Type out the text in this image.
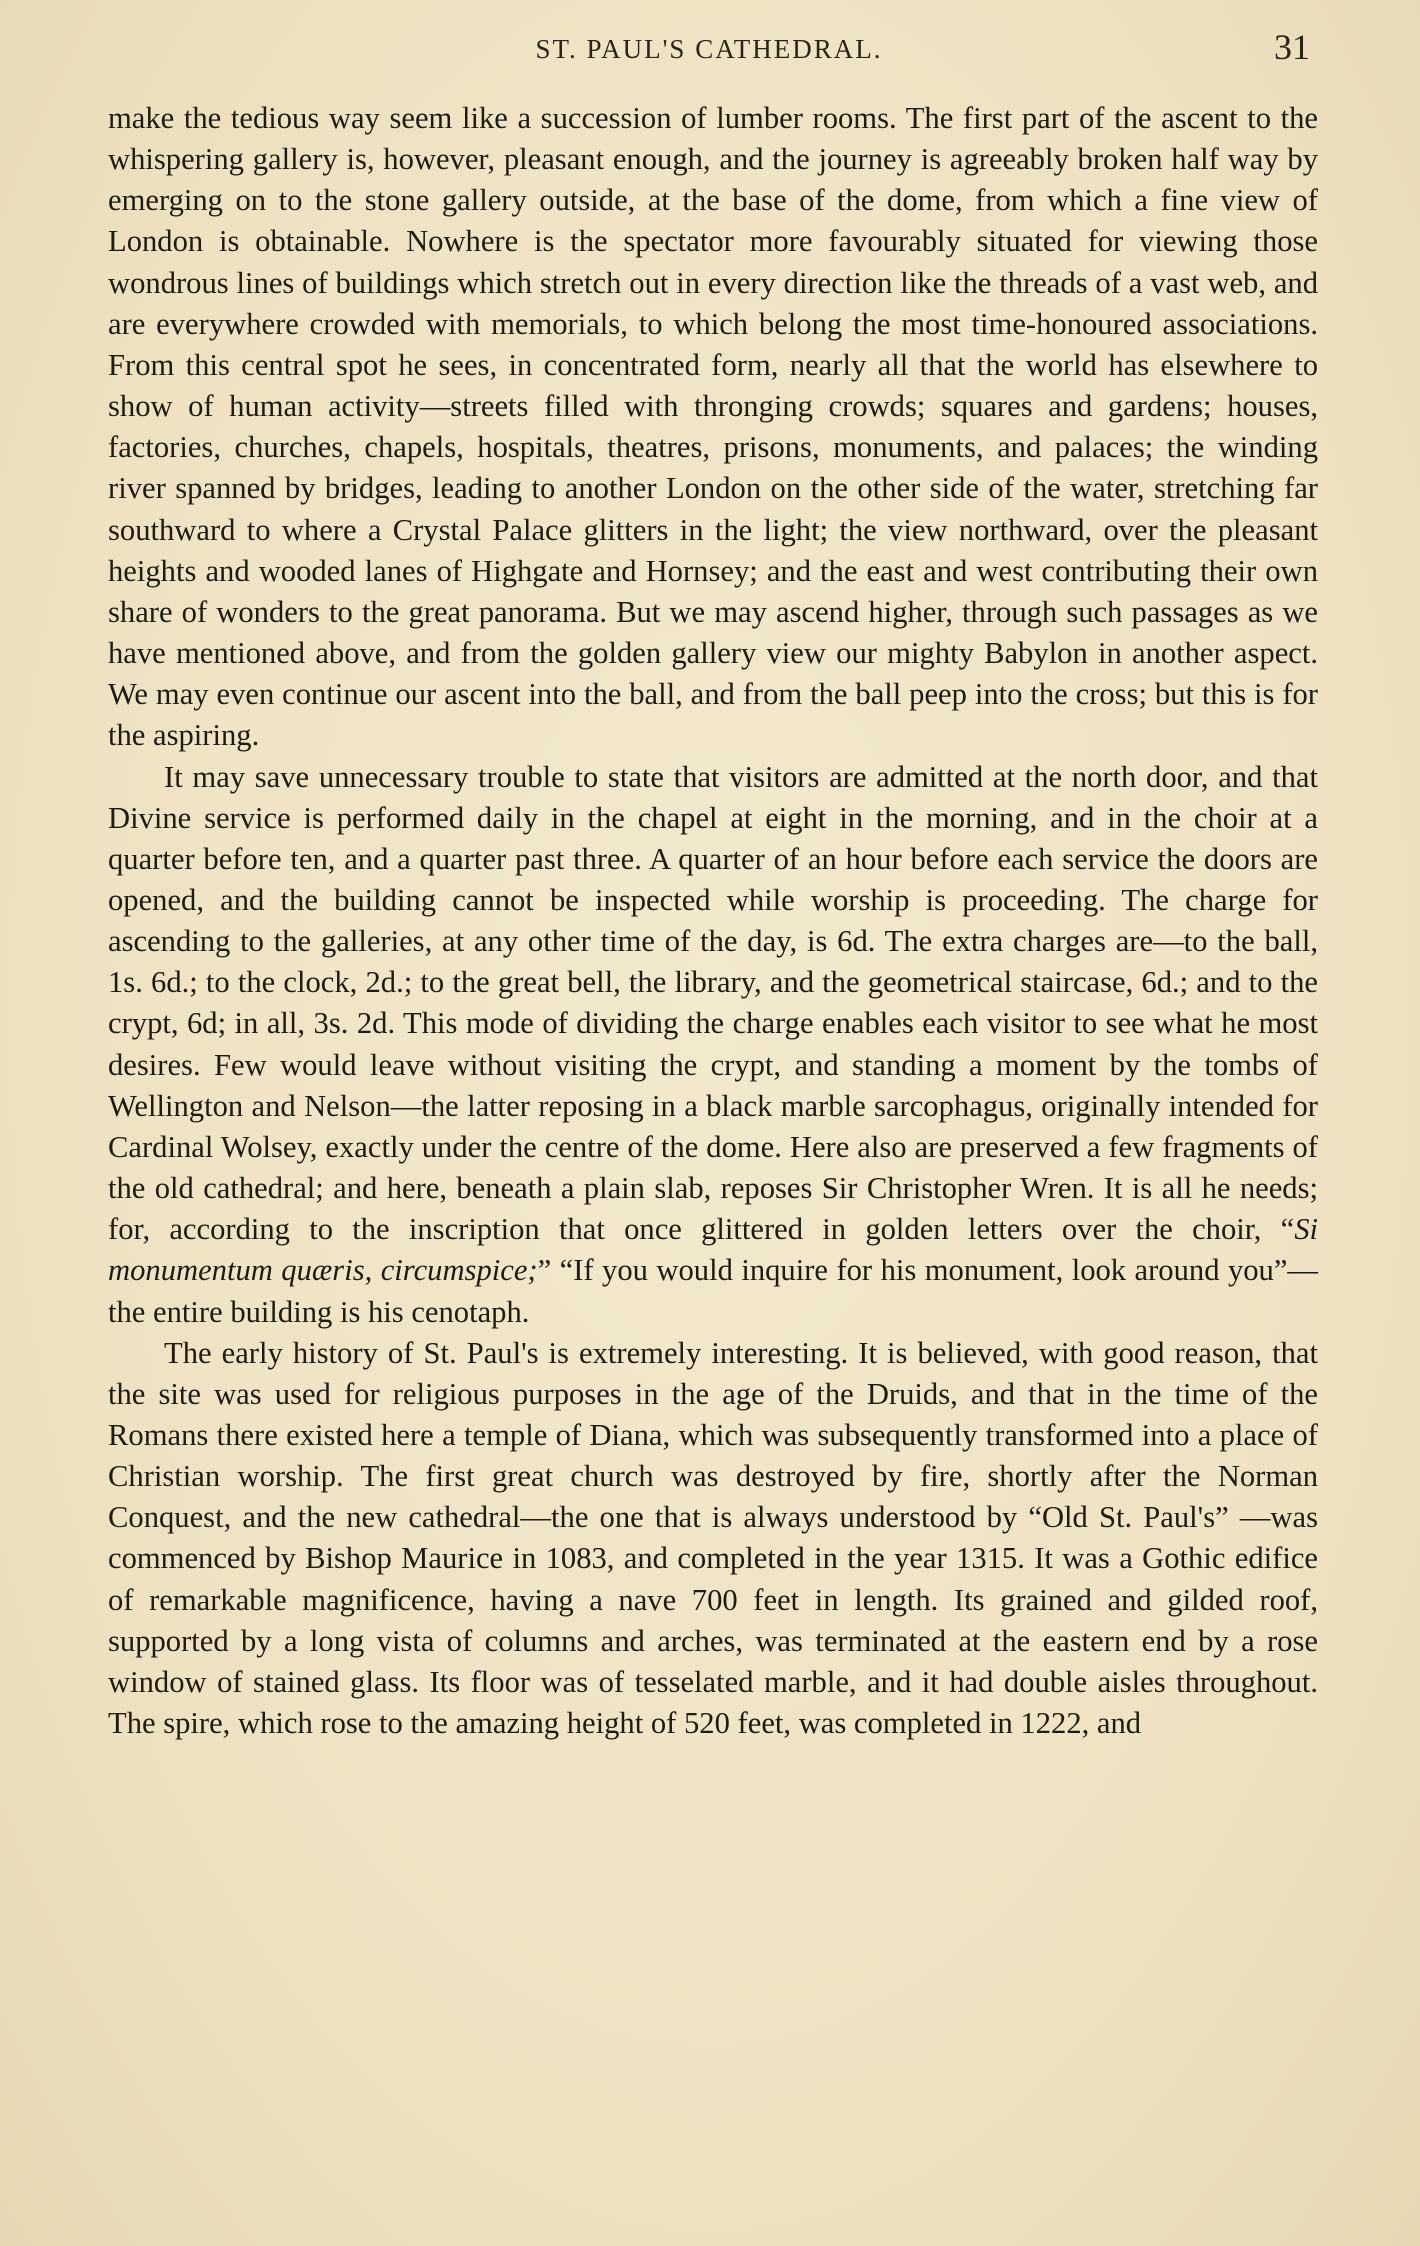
ST. PAUL'S CATHEDRAL.	31

make the tedious way seem like a succession of lumber rooms. The first part of the ascent to the whispering gallery is, however, pleasant enough, and the journey is agreeably broken half way by emerging on to the stone gallery outside, at the base of the dome, from which a fine view of London is obtainable. Nowhere is the spectator more favourably situated for viewing those wondrous lines of buildings which stretch out in every direction like the threads of a vast web, and are everywhere crowded with memorials, to which belong the most time-honoured associations. From this central spot he sees, in concentrated form, nearly all that the world has elsewhere to show of human activity—streets filled with thronging crowds; squares and gardens; houses, factories, churches, chapels, hospitals, theatres, prisons, monuments, and palaces; the winding river spanned by bridges, leading to another London on the other side of the water, stretching far southward to where a Crystal Palace glitters in the light; the view northward, over the pleasant heights and wooded lanes of Highgate and Hornsey; and the east and west contributing their own share of wonders to the great panorama. But we may ascend higher, through such passages as we have mentioned above, and from the golden gallery view our mighty Babylon in another aspect. We may even continue our ascent into the ball, and from the ball peep into the cross; but this is for the aspiring.

It may save unnecessary trouble to state that visitors are admitted at the north door, and that Divine service is performed daily in the chapel at eight in the morning, and in the choir at a quarter before ten, and a quarter past three. A quarter of an hour before each service the doors are opened, and the building cannot be inspected while worship is proceeding. The charge for ascending to the galleries, at any other time of the day, is 6d. The extra charges are—to the ball, 1s. 6d.; to the clock, 2d.; to the great bell, the library, and the geometrical staircase, 6d.; and to the crypt, 6d; in all, 3s. 2d. This mode of dividing the charge enables each visitor to see what he most desires. Few would leave without visiting the crypt, and standing a moment by the tombs of Wellington and Nelson—the latter reposing in a black marble sarcophagus, originally intended for Cardinal Wolsey, exactly under the centre of the dome. Here also are preserved a few fragments of the old cathedral; and here, beneath a plain slab, reposes Sir Christopher Wren. It is all he needs; for, according to the inscription that once glittered in golden letters over the choir, “Si monumentum quæris, circumspice;” “If you would inquire for his monument, look around you”—the entire building is his cenotaph.

The early history of St. Paul's is extremely interesting. It is believed, with good reason, that the site was used for religious purposes in the age of the Druids, and that in the time of the Romans there existed here a temple of Diana, which was subsequently transformed into a place of Christian worship. The first great church was destroyed by fire, shortly after the Norman Conquest, and the new cathedral—the one that is always understood by “Old St. Paul's” —was commenced by Bishop Maurice in 1083, and completed in the year 1315. It was a Gothic edifice of remarkable magnificence, having a nave 700 feet in length. Its grained and gilded roof, supported by a long vista of columns and arches, was terminated at the eastern end by a rose window of stained glass. Its floor was of tesselated marble, and it had double aisles throughout. The spire, which rose to the amazing height of 520 feet, was completed in 1222, and
